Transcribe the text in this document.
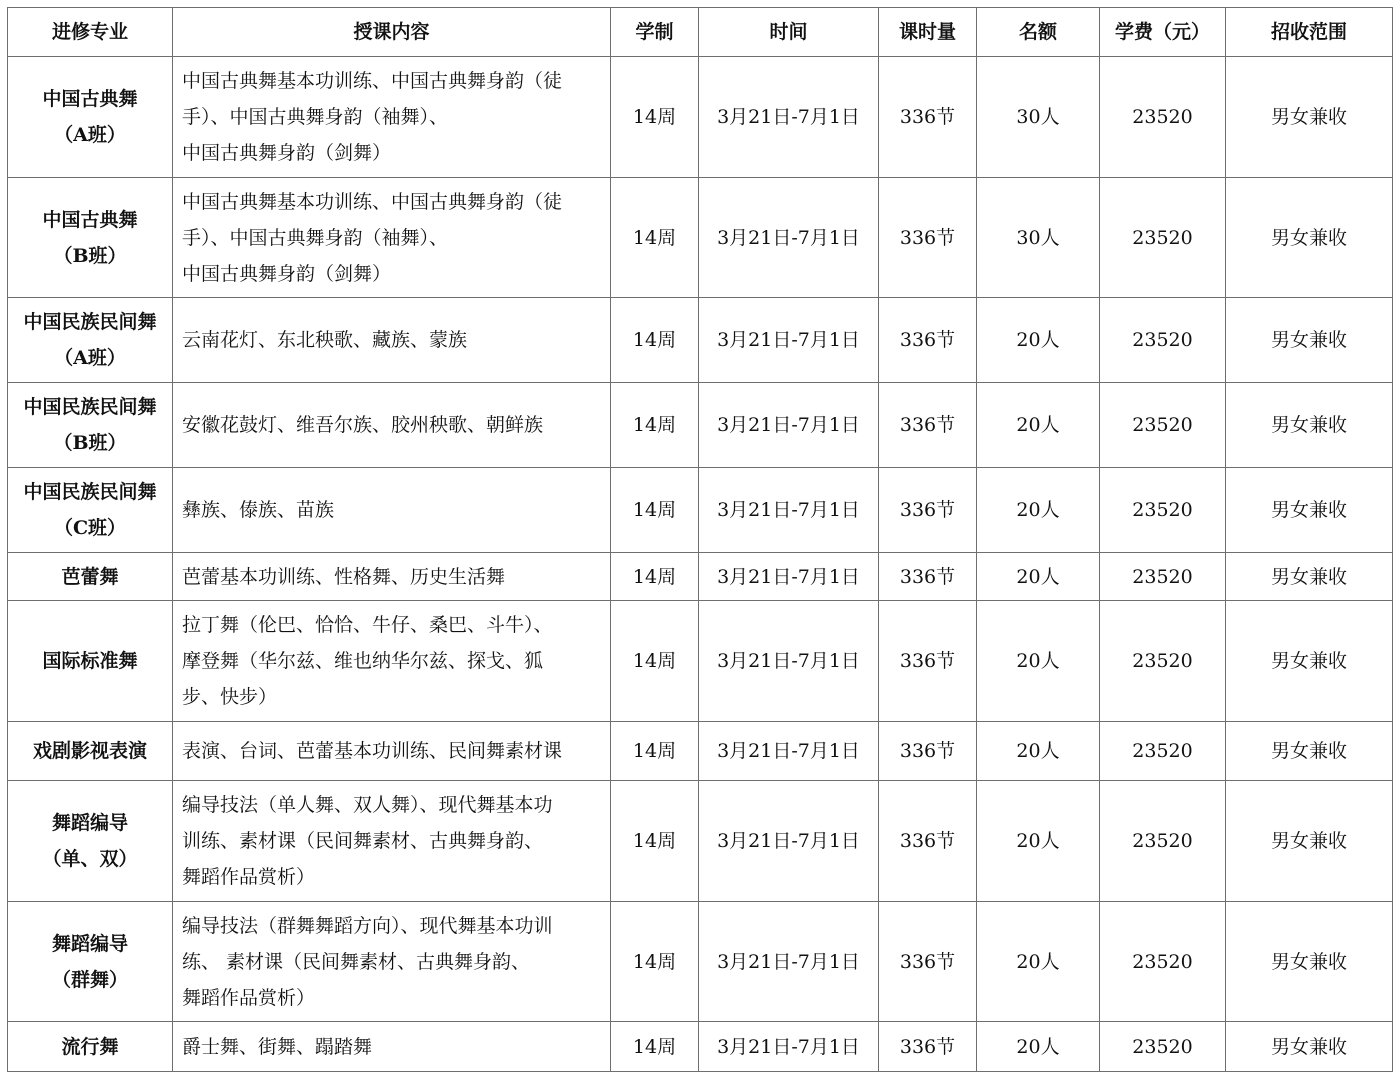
进修专业	授课内容	学制	时间	课时量	名额	学费（元）	招收范围

中国古典舞
（A班）	中国古典舞基本功训练、中国古典舞身韵（徒
手）、中国古典舞身韵（袖舞）、
中国古典舞身韵（剑舞）	14周	3月21日-7月1日	336节	30人	23520	男女兼收

中国古典舞
（B班）	中国古典舞基本功训练、中国古典舞身韵（徒
手）、中国古典舞身韵（袖舞）、
中国古典舞身韵（剑舞）	14周	3月21日-7月1日	336节	30人	23520	男女兼收

中国民族民间舞
（A班）	云南花灯、东北秧歌、藏族、蒙族	14周	3月21日-7月1日	336节	20人	23520	男女兼收

中国民族民间舞
（B班）	安徽花鼓灯、维吾尔族、胶州秧歌、朝鲜族	14周	3月21日-7月1日	336节	20人	23520	男女兼收

中国民族民间舞
（C班）	彝族、傣族、苗族	14周	3月21日-7月1日	336节	20人	23520	男女兼收

芭蕾舞	芭蕾基本功训练、性格舞、历史生活舞	14周	3月21日-7月1日	336节	20人	23520	男女兼收

国际标准舞	拉丁舞（伦巴、恰恰、牛仔、桑巴、斗牛）、
摩登舞（华尔兹、维也纳华尔兹、探戈、狐
步、快步）	14周	3月21日-7月1日	336节	20人	23520	男女兼收

戏剧影视表演	表演、台词、芭蕾基本功训练、民间舞素材课	14周	3月21日-7月1日	336节	20人	23520	男女兼收

舞蹈编导
（单、双）	编导技法（单人舞、双人舞）、现代舞基本功
训练、素材课（民间舞素材、古典舞身韵、
舞蹈作品赏析）	14周	3月21日-7月1日	336节	20人	23520	男女兼收

舞蹈编导
（群舞）	编导技法（群舞舞蹈方向）、现代舞基本功训
练、 素材课（民间舞素材、古典舞身韵、
舞蹈作品赏析）	14周	3月21日-7月1日	336节	20人	23520	男女兼收

流行舞	爵士舞、街舞、蹋踏舞	14周	3月21日-7月1日	336节	20人	23520	男女兼收
